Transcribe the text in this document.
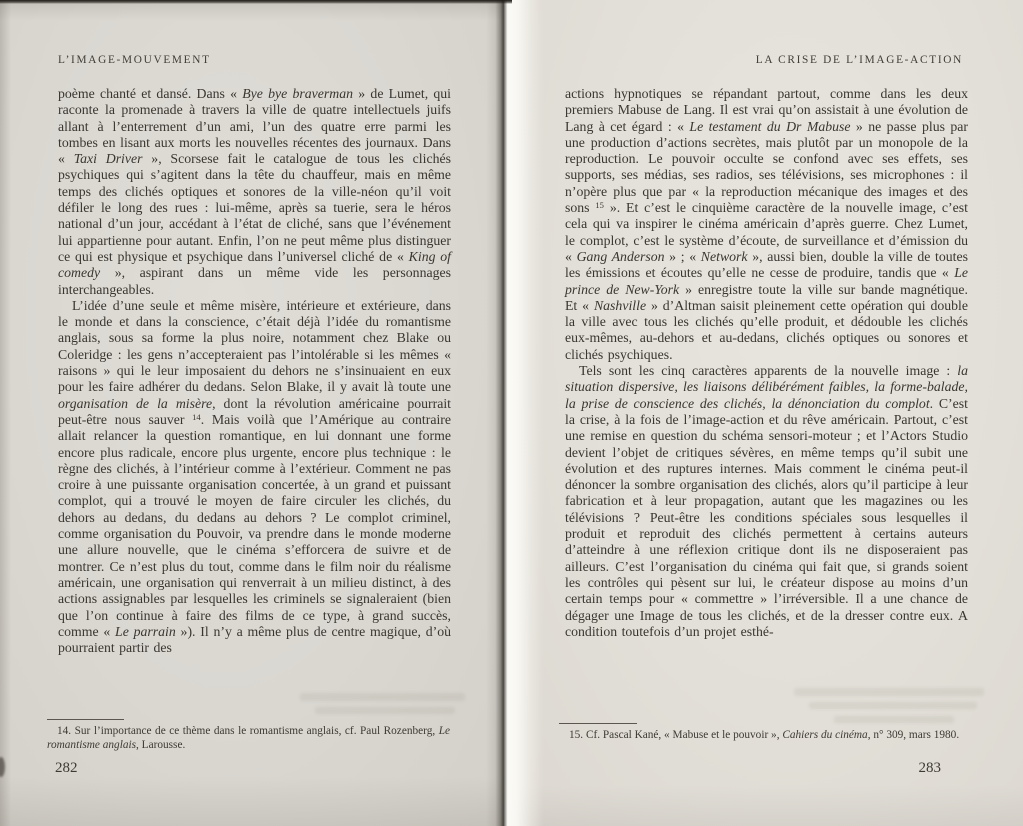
L’IMAGE-MOUVEMENT

poème chanté et dansé. Dans « Bye bye braverman » de Lumet, qui raconte la promenade à travers la ville de quatre intellectuels juifs allant à l’enterrement d’un ami, l’un des quatre erre parmi les tombes en lisant aux morts les nouvelles récentes des journaux. Dans « Taxi Driver », Scorsese fait le catalogue de tous les clichés psychiques qui s’agitent dans la tête du chauffeur, mais en même temps des clichés optiques et sonores de la ville-néon qu’il voit défiler le long des rues : lui-même, après sa tuerie, sera le héros national d’un jour, accédant à l’état de cliché, sans que l’événement lui appartienne pour autant. Enfin, l’on ne peut même plus distinguer ce qui est physique et psychique dans l’universel cliché de « King of comedy », aspirant dans un même vide les personnages interchangeables.

L’idée d’une seule et même misère, intérieure et extérieure, dans le monde et dans la conscience, c’était déjà l’idée du romantisme anglais, sous sa forme la plus noire, notamment chez Blake ou Coleridge : les gens n’accepteraient pas l’intolérable si les mêmes « raisons » qui le leur imposaient du dehors ne s’insinuaient en eux pour les faire adhérer du dedans. Selon Blake, il y avait là toute une organisation de la misère, dont la révolution américaine pourrait peut-être nous sauver $^{14}$. Mais voilà que l’Amérique au contraire allait relancer la question romantique, en lui donnant une forme encore plus radicale, encore plus urgente, encore plus technique : le règne des clichés, à l’intérieur comme à l’extérieur. Comment ne pas croire à une puissante organisation concertée, à un grand et puissant complot, qui a trouvé le moyen de faire circuler les clichés, du dehors au dedans, du dedans au dehors ? Le complot criminel, comme organisation du Pouvoir, va prendre dans le monde moderne une allure nouvelle, que le cinéma s’efforcera de suivre et de montrer. Ce n’est plus du tout, comme dans le film noir du réalisme américain, une organisation qui renverrait à un milieu distinct, à des actions assignables par lesquelles les criminels se signaleraient (bien que l’on continue à faire des films de ce type, à grand succès, comme « Le parrain »). Il n’y a même plus de centre magique, d’où pourraient partir des

14. Sur l’importance de ce thème dans le romantisme anglais, cf. Paul Rozenberg, Le romantisme anglais, Larousse.

282
LA CRISE DE L’IMAGE-ACTION

actions hypnotiques se répandant partout, comme dans les deux premiers Mabuse de Lang. Il est vrai qu’on assistait à une évolution de Lang à cet égard : « Le testament du Dr Mabuse » ne passe plus par une production d’actions secrètes, mais plutôt par un monopole de la reproduction. Le pouvoir occulte se confond avec ses effets, ses supports, ses médias, ses radios, ses télévisions, ses microphones : il n’opère plus que par « la reproduction mécanique des images et des sons $^{15}$ ». Et c’est le cinquième caractère de la nouvelle image, c’est cela qui va inspirer le cinéma américain d’après guerre. Chez Lumet, le complot, c’est le système d’écoute, de surveillance et d’émission du « Gang Anderson » ; « Network », aussi bien, double la ville de toutes les émissions et écoutes qu’elle ne cesse de produire, tandis que « Le prince de New-York » enregistre toute la ville sur bande magnétique. Et « Nashville » d’Altman saisit pleinement cette opération qui double la ville avec tous les clichés qu’elle produit, et dédouble les clichés eux-mêmes, au-dehors et au-dedans, clichés optiques ou sonores et clichés psychiques.

Tels sont les cinq caractères apparents de la nouvelle image : la situation dispersive, les liaisons délibérément faibles, la forme-balade, la prise de conscience des clichés, la dénonciation du complot. C’est la crise, à la fois de l’image-action et du rêve américain. Partout, c’est une remise en question du schéma sensori-moteur ; et l’Actors Studio devient l’objet de critiques sévères, en même temps qu’il subit une évolution et des ruptures internes. Mais comment le cinéma peut-il dénoncer la sombre organisation des clichés, alors qu’il participe à leur fabrication et à leur propagation, autant que les magazines ou les télévisions ? Peut-être les conditions spéciales sous lesquelles il produit et reproduit des clichés permettent à certains auteurs d’atteindre à une réflexion critique dont ils ne disposeraient pas ailleurs. C’est l’organisation du cinéma qui fait que, si grands soient les contrôles qui pèsent sur lui, le créateur dispose au moins d’un certain temps pour « commettre » l’irréversible. Il a une chance de dégager une Image de tous les clichés, et de la dresser contre eux. A condition toutefois d’un projet esthé-

15. Cf. Pascal Kané, « Mabuse et le pouvoir », Cahiers du cinéma, n° 309, mars 1980.

283
